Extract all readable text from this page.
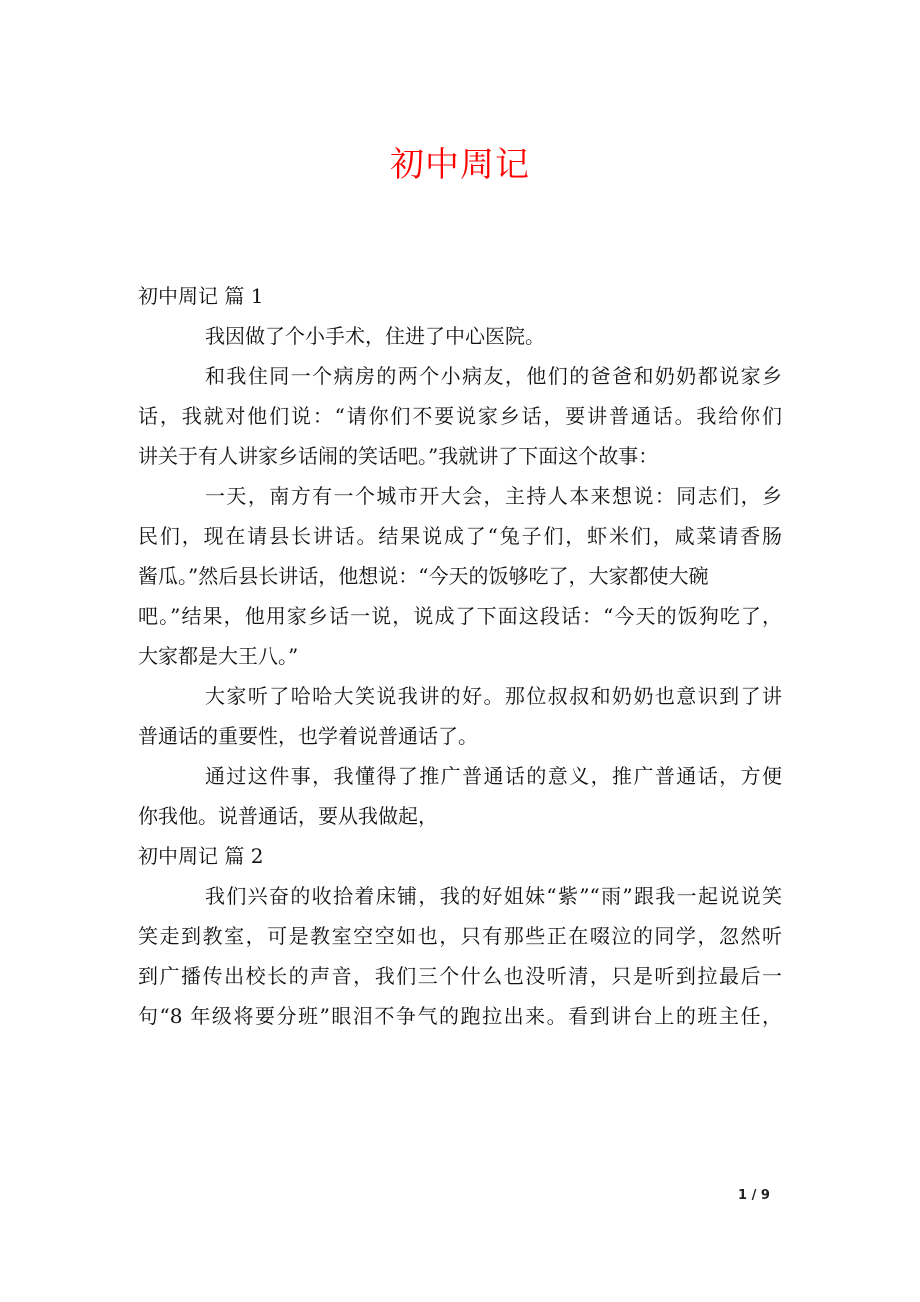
初中周记
初中周记 篇 1
我因做了个小手术，住进了中心医院。
和我住同一个病房的两个小病友，他们的爸爸和奶奶都说家乡
话，我就对他们说：“请你们不要说家乡话，要讲普通话。我给你们
讲关于有人讲家乡话闹的笑话吧。”我就讲了下面这个故事：
一天，南方有一个城市开大会，主持人本来想说：同志们，乡
民们，现在请县长讲话。结果说成了“兔子们，虾米们，咸菜请香肠
酱瓜。”然后县长讲话，他想说：“今天的饭够吃了，大家都使大碗
吧。”结果，他用家乡话一说，说成了下面这段话：“今天的饭狗吃了，
大家都是大王八。”
大家听了哈哈大笑说我讲的好。那位叔叔和奶奶也意识到了讲
普通话的重要性，也学着说普通话了。
通过这件事，我懂得了推广普通话的意义，推广普通话，方便
你我他。说普通话，要从我做起，
初中周记 篇 2
我们兴奋的收拾着床铺，我的好姐妹“紫”“雨”跟我一起说说笑
笑走到教室，可是教室空空如也，只有那些正在啜泣的同学，忽然听
到广播传出校长的声音，我们三个什么也没听清，只是听到拉最后一
句“8 年级将要分班”眼泪不争气的跑拉出来。看到讲台上的班主任，
1 / 9
